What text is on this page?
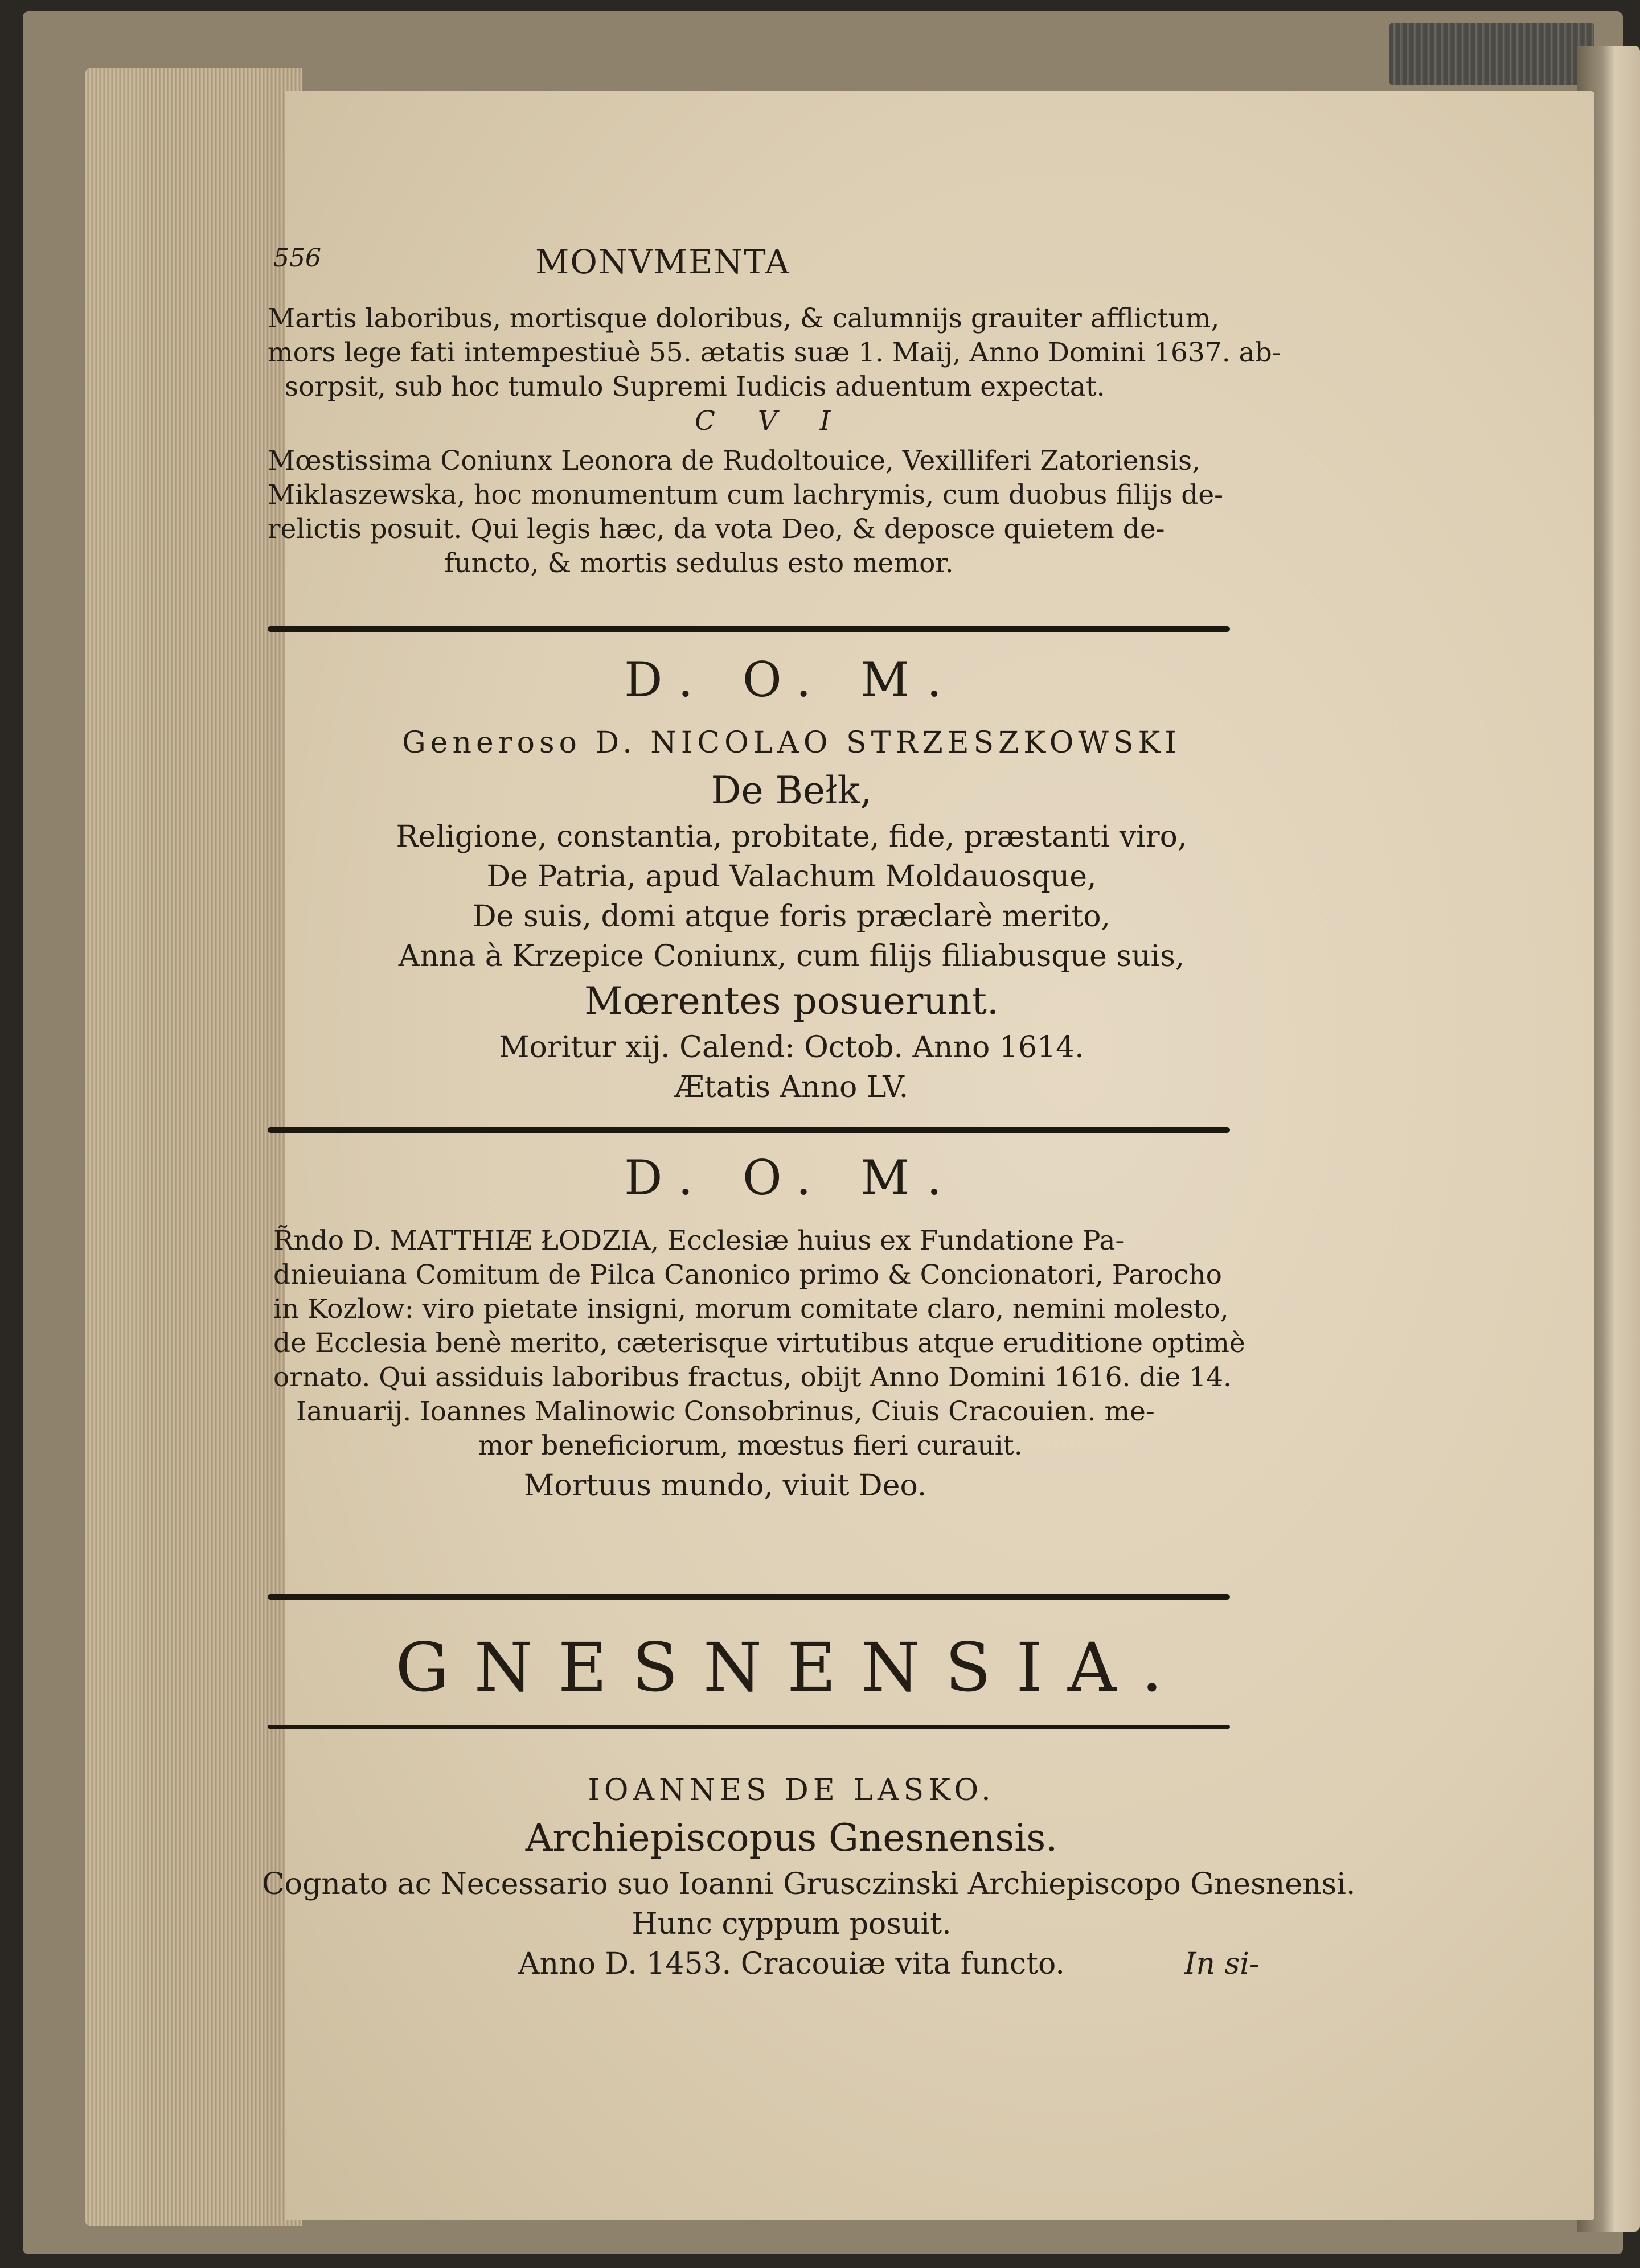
556	MONVMENTA

Martis laboribus, mortisque doloribus, & calumnijs grauiter afflictum,

mors lege fati intempestiuè 55. ætatis suæ 1. Maij, Anno Domini 1637. ab-

sorpsit, sub hoc tumulo Supremi Iudicis aduentum expectat.

C V I

Mœstissima Coniunx Leonora de Rudoltouice, Vexilliferi Zatoriensis,

Miklaszewska, hoc monumentum cum lachrymis, cum duobus filijs de-

relictis posuit. Qui legis hæc, da vota Deo, & deposce quietem de-

functo, & mortis sedulus esto memor.

D. O. M.

Generoso D. NICOLAO STRZESZKOWSKI

De Bełk,

Religione, constantia, probitate, fide, præstanti viro,

De Patria, apud Valachum Moldauosque,

De suis, domi atque foris præclarè merito,

Anna à Krzepice Coniunx, cum filijs filiabusque suis,

Mœrentes posuerunt.

Moritur xij. Calend: Octob. Anno 1614.

Ætatis Anno LV.

D. O. M.

R̃ndo D. MATTHIÆ ŁODZIA, Ecclesiæ huius ex Fundatione Pa-

dnieuiana Comitum de Pilca Canonico primo & Concionatori, Parocho

in Kozlow: viro pietate insigni, morum comitate claro, nemini molesto,

de Ecclesia benè merito, cæterisque virtutibus atque eruditione optimè

ornato. Qui assiduis laboribus fractus, obijt Anno Domini 1616. die 14.

Ianuarij. Ioannes Malinowic Consobrinus, Ciuis Cracouien. me-

mor beneficiorum, mœstus fieri curauit.

Mortuus mundo, viuit Deo.

GNESNENSIA.

IOANNES DE LASKO.

Archiepiscopus Gnesnensis.

Cognato ac Necessario suo Ioanni Grusczinski Archiepiscopo Gnesnensi.

Hunc cyppum posuit.

Anno D. 1453. Cracouiæ vita functo.	In si-
